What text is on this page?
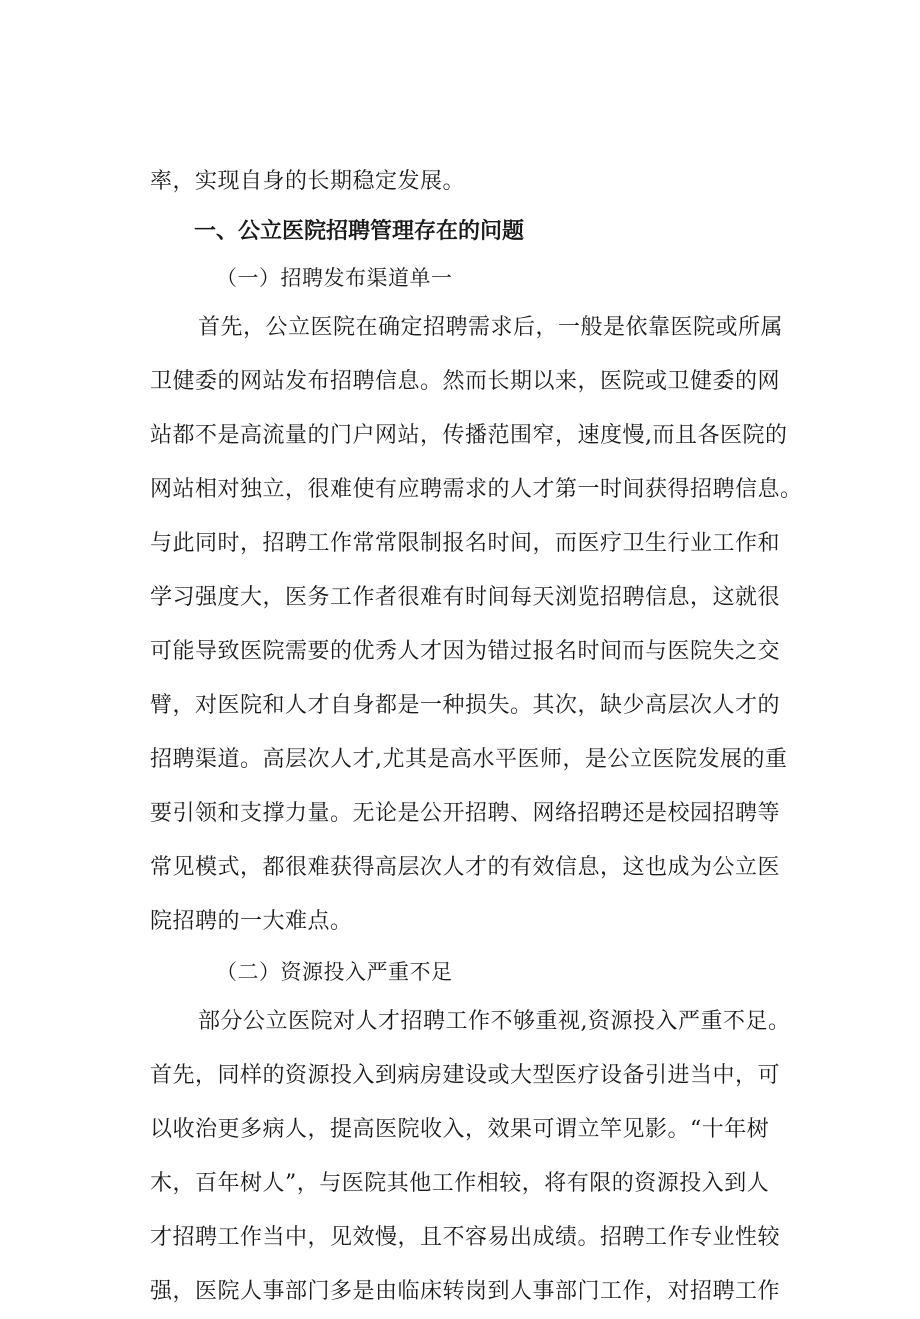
率，实现自身的长期稳定发展。
一、公立医院招聘管理存在的问题
（一）招聘发布渠道单一
首先，公立医院在确定招聘需求后，一般是依靠医院或所属
卫健委的网站发布招聘信息。然而长期以来，医院或卫健委的网
站都不是高流量的门户网站，传播范围窄，速度慢,而且各医院的
网站相对独立，很难使有应聘需求的人才第一时间获得招聘信息。
与此同时，招聘工作常常限制报名时间，而医疗卫生行业工作和
学习强度大，医务工作者很难有时间每天浏览招聘信息，这就很
可能导致医院需要的优秀人才因为错过报名时间而与医院失之交
臂，对医院和人才自身都是一种损失。其次，缺少高层次人才的
招聘渠道。高层次人才,尤其是高水平医师，是公立医院发展的重
要引领和支撑力量。无论是公开招聘、网络招聘还是校园招聘等
常见模式，都很难获得高层次人才的有效信息，这也成为公立医
院招聘的一大难点。
（二）资源投入严重不足
部分公立医院对人才招聘工作不够重视,资源投入严重不足。
首先，同样的资源投入到病房建设或大型医疗设备引进当中，可
以收治更多病人，提高医院收入，效果可谓立竿见影。“十年树
木，百年树人”，与医院其他工作相较，将有限的资源投入到人
才招聘工作当中，见效慢，且不容易出成绩。招聘工作专业性较
强，医院人事部门多是由临床转岗到人事部门工作，对招聘工作
